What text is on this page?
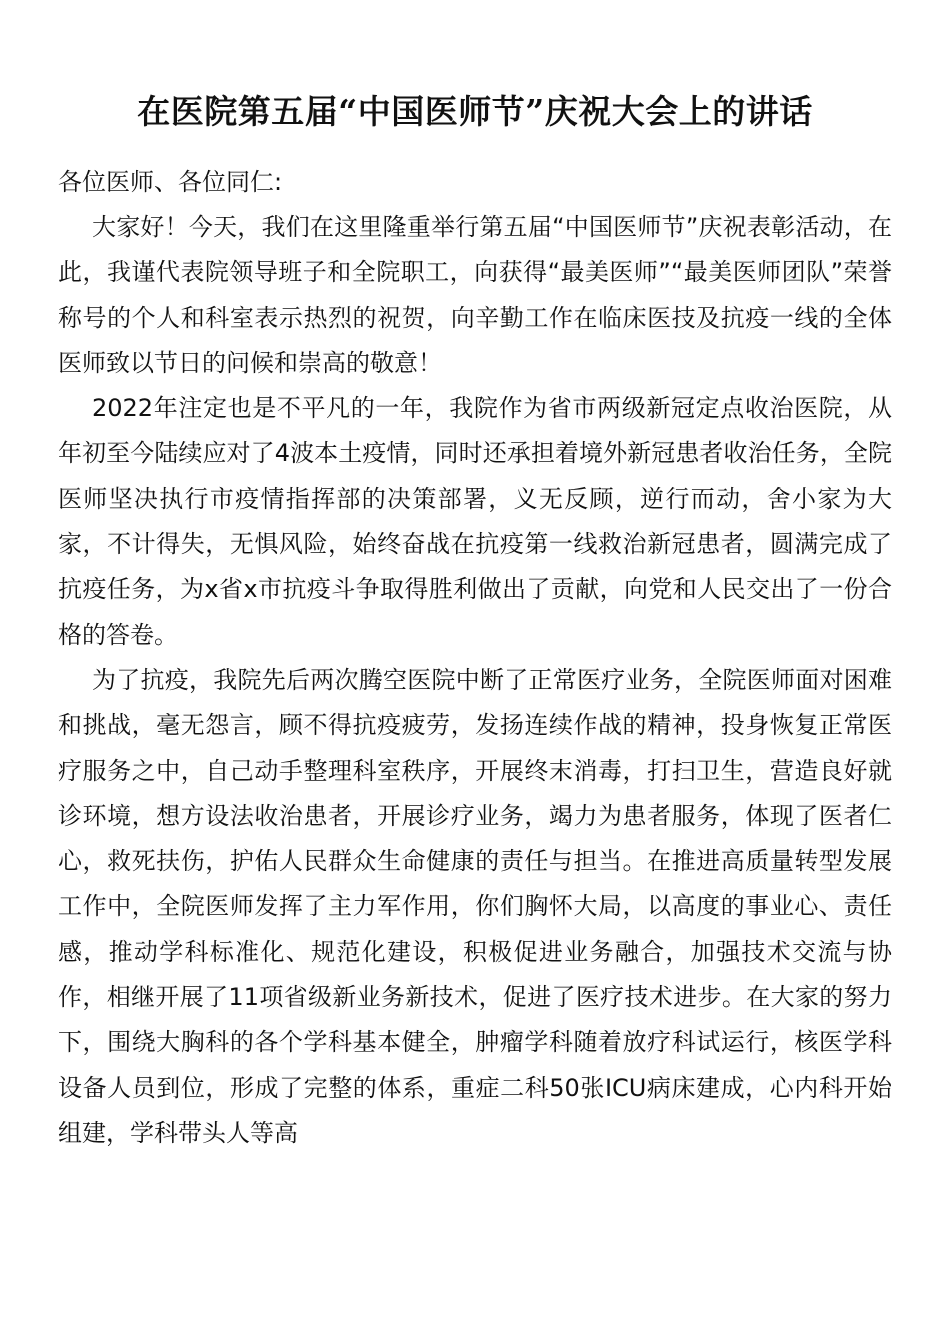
在医院第五届“中国医师节”庆祝大会上的讲话

各位医师、各位同仁:

大家好！今天，我们在这里隆重举行第五届“中国医师节”庆祝表彰活动，在此，我谨代表院领导班子和全院职工，向获得“最美医师”“最美医师团队”荣誉称号的个人和科室表示热烈的祝贺，向辛勤工作在临床医技及抗疫一线的全体医师致以节日的问候和崇高的敬意！

2022年注定也是不平凡的一年，我院作为省市两级新冠定点收治医院，从年初至今陆续应对了4波本土疫情，同时还承担着境外新冠患者收治任务，全院医师坚决执行市疫情指挥部的决策部署，义无反顾，逆行而动，舍小家为大家，不计得失，无惧风险，始终奋战在抗疫第一线救治新冠患者，圆满完成了抗疫任务，为x省x市抗疫斗争取得胜利做出了贡献，向党和人民交出了一份合格的答卷。

为了抗疫，我院先后两次腾空医院中断了正常医疗业务，全院医师面对困难和挑战，毫无怨言，顾不得抗疫疲劳，发扬连续作战的精神，投身恢复正常医疗服务之中，自己动手整理科室秩序，开展终末消毒，打扫卫生，营造良好就诊环境，想方设法收治患者，开展诊疗业务，竭力为患者服务，体现了医者仁心，救死扶伤，护佑人民群众生命健康的责任与担当。在推进高质量转型发展工作中，全院医师发挥了主力军作用，你们胸怀大局，以高度的事业心、责任感，推动学科标准化、规范化建设，积极促进业务融合，加强技术交流与协作，相继开展了11项省级新业务新技术，促进了医疗技术进步。在大家的努力下，围绕大胸科的各个学科基本健全，肿瘤学科随着放疗科试运行，核医学科设备人员到位，形成了完整的体系，重症二科50张ICU病床建成，心内科开始组建，学科带头人等高
